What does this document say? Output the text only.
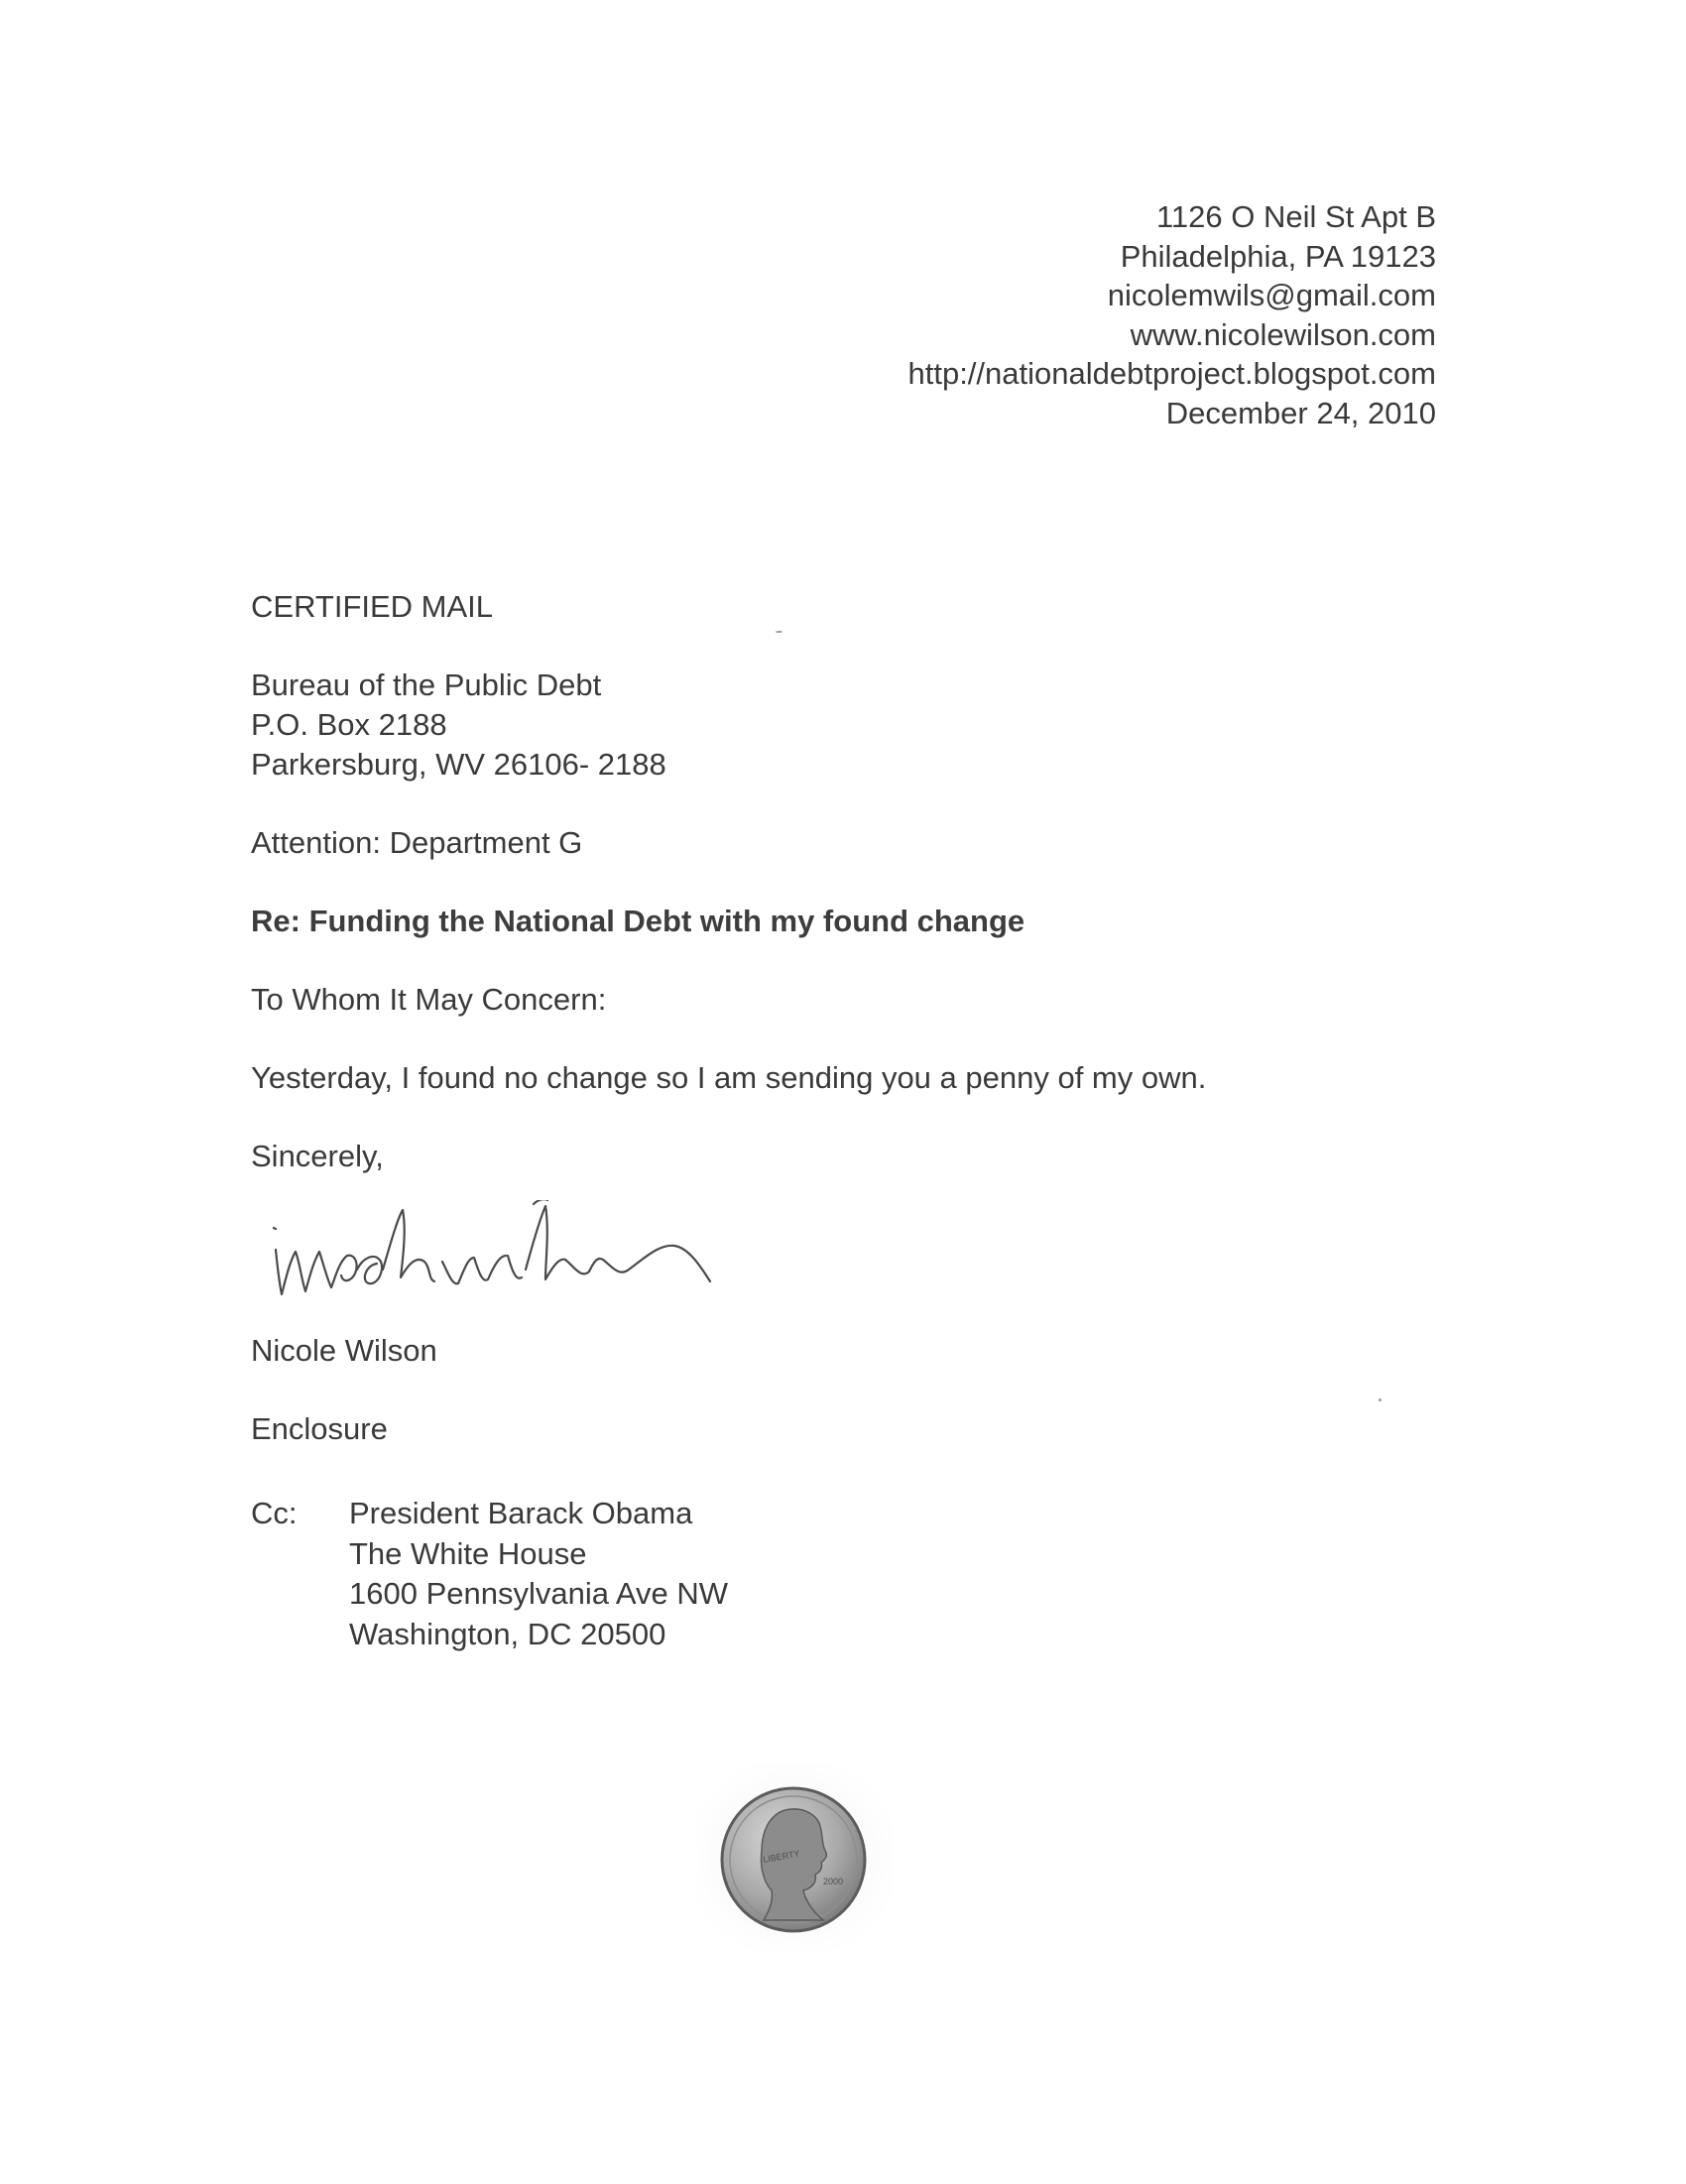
1126 O Neil St Apt B
Philadelphia, PA 19123
nicolemwils@gmail.com
www.nicolewilson.com
http://nationaldebtproject.blogspot.com
December 24, 2010
CERTIFIED MAIL
Bureau of the Public Debt
P.O. Box 2188
Parkersburg, WV 26106- 2188
Attention: Department G
Re: Funding the National Debt with my found change
To Whom It May Concern:
Yesterday, I found no change so I am sending you a penny of my own.
Sincerely,
Nicole Wilson
Enclosure
Cc: President Barack Obama
The White House
1600 Pennsylvania Ave NW
Washington, DC 20500
LIBERTY
2000
